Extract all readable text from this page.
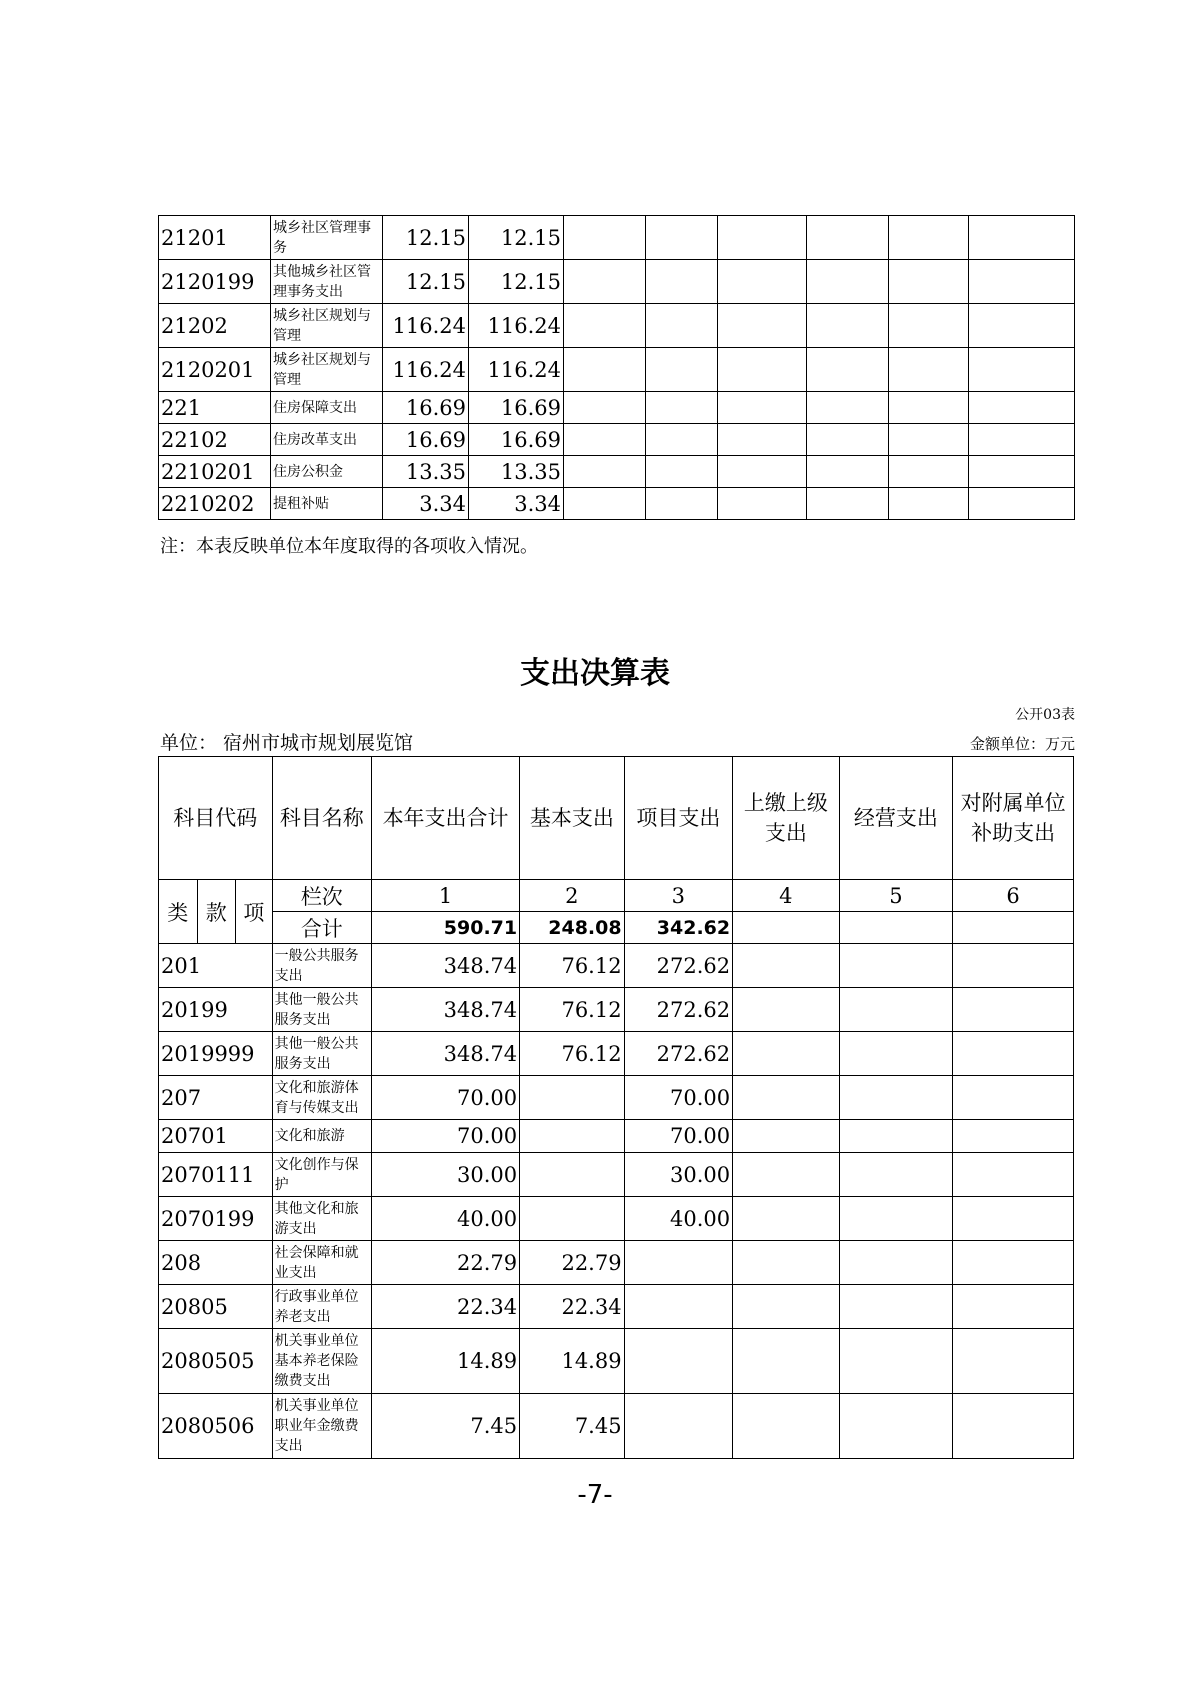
21201	城乡社区管理事务	12.15	12.15						
2120199	其他城乡社区管理事务支出	12.15	12.15						
21202	城乡社区规划与管理	116.24	116.24						
2120201	城乡社区规划与管理	116.24	116.24						
221	住房保障支出	16.69	16.69						
22102	住房改革支出	16.69	16.69						
2210201	住房公积金	13.35	13.35						
2210202	提租补贴	3.34	3.34						
注：本表反映单位本年度取得的各项收入情况。
支出决算表
公开03表
单位： 宿州市城市规划展览馆	金额单位：万元
科目代码			科目名称	本年支出合计	基本支出	项目支出	上缴上级支出	经营支出	对附属单位补助支出
类	款	项	栏次	1	2	3	4	5	6
			合计	590.71	248.08	342.62			
201			一般公共服务支出	348.74	76.12	272.62			
20199			其他一般公共服务支出	348.74	76.12	272.62			
2019999			其他一般公共服务支出	348.74	76.12	272.62			
207			文化和旅游体育与传媒支出	70.00		70.00			
20701			文化和旅游	70.00		70.00			
2070111			文化创作与保护	30.00		30.00			
2070199			其他文化和旅游支出	40.00		40.00			
208			社会保障和就业支出	22.79	22.79				
20805			行政事业单位养老支出	22.34	22.34				
2080505			机关事业单位基本养老保险缴费支出	14.89	14.89				
2080506			机关事业单位职业年金缴费支出	7.45	7.45				
-7-
